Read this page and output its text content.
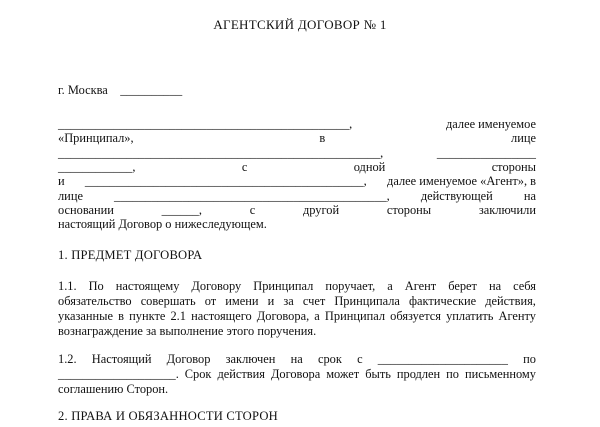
АГЕНТСКИЙ ДОГОВОР № 1
г. Москва    __________
_______________________________________________,	далее именуемое
«Принципал»,	в	лице
____________________________________________________,	________________
____________,	с	одной	стороны
и _____________________________________________, далее именуемое «Агент», в
лице	____________________________________________,	действующей	на
основании	______,	с	другой	стороны	заключили
настоящий Договор о нижеследующем.
1. ПРЕДМЕТ ДОГОВОРА
1.1. По настоящему Договору Принципал поручает, а Агент берет на себя
обязательство совершать от имени и за счет Принципала фактические действия,
указанные в пункте 2.1 настоящего Договора, а Принципал обязуется уплатить Агенту
вознаграждение за выполнение этого поручения.
1.2. Настоящий Договор заключен на срок с _____________________ по
___________________. Срок действия Договора может быть продлен по письменному
соглашению Сторон.
2. ПРАВА И ОБЯЗАННОСТИ СТОРОН
